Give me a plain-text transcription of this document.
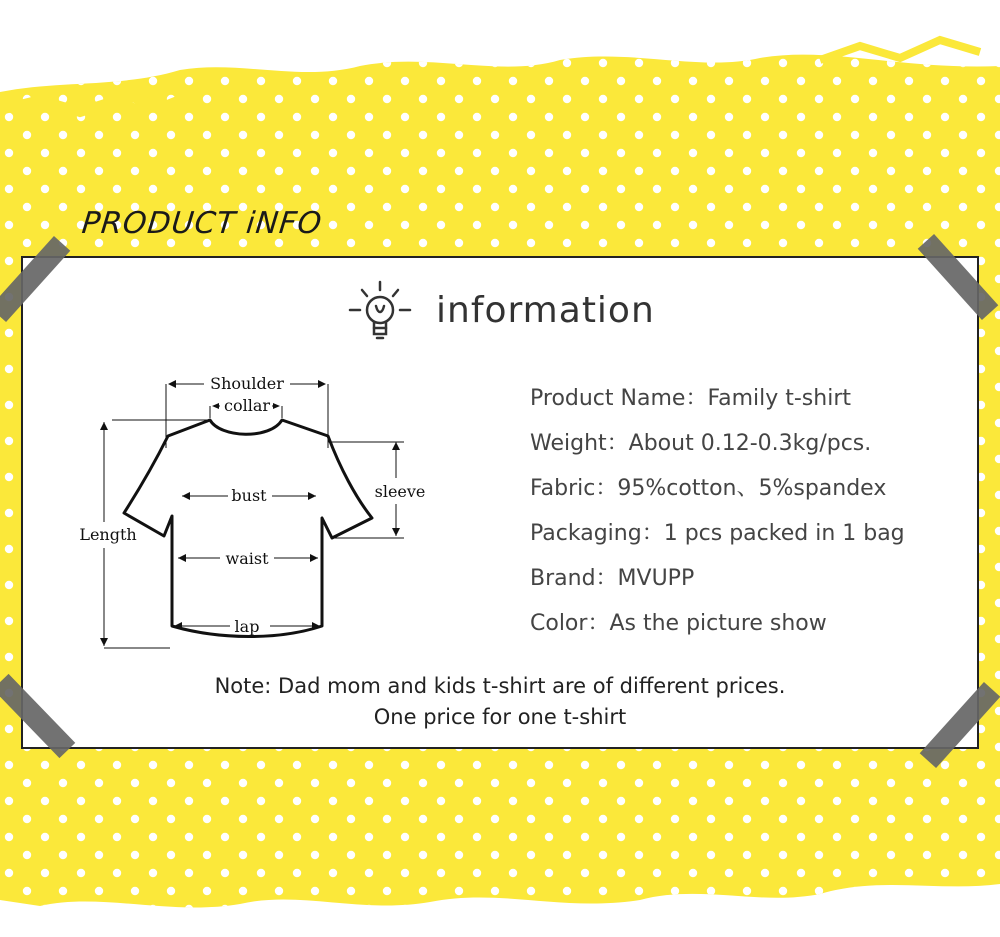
PRODUCT iNFO
information
Shoulder
collar
bust
waist
lap
sleeve
Length
Product Name：Family t-shirt
Weight：About 0.12-0.3kg/pcs.
Fabric：95%cotton、5%spandex
Packaging：1 pcs packed in 1 bag
Brand：MVUPP
Color：As the picture show
Note: Dad mom and kids t-shirt are of different prices.
One price for one t-shirt
